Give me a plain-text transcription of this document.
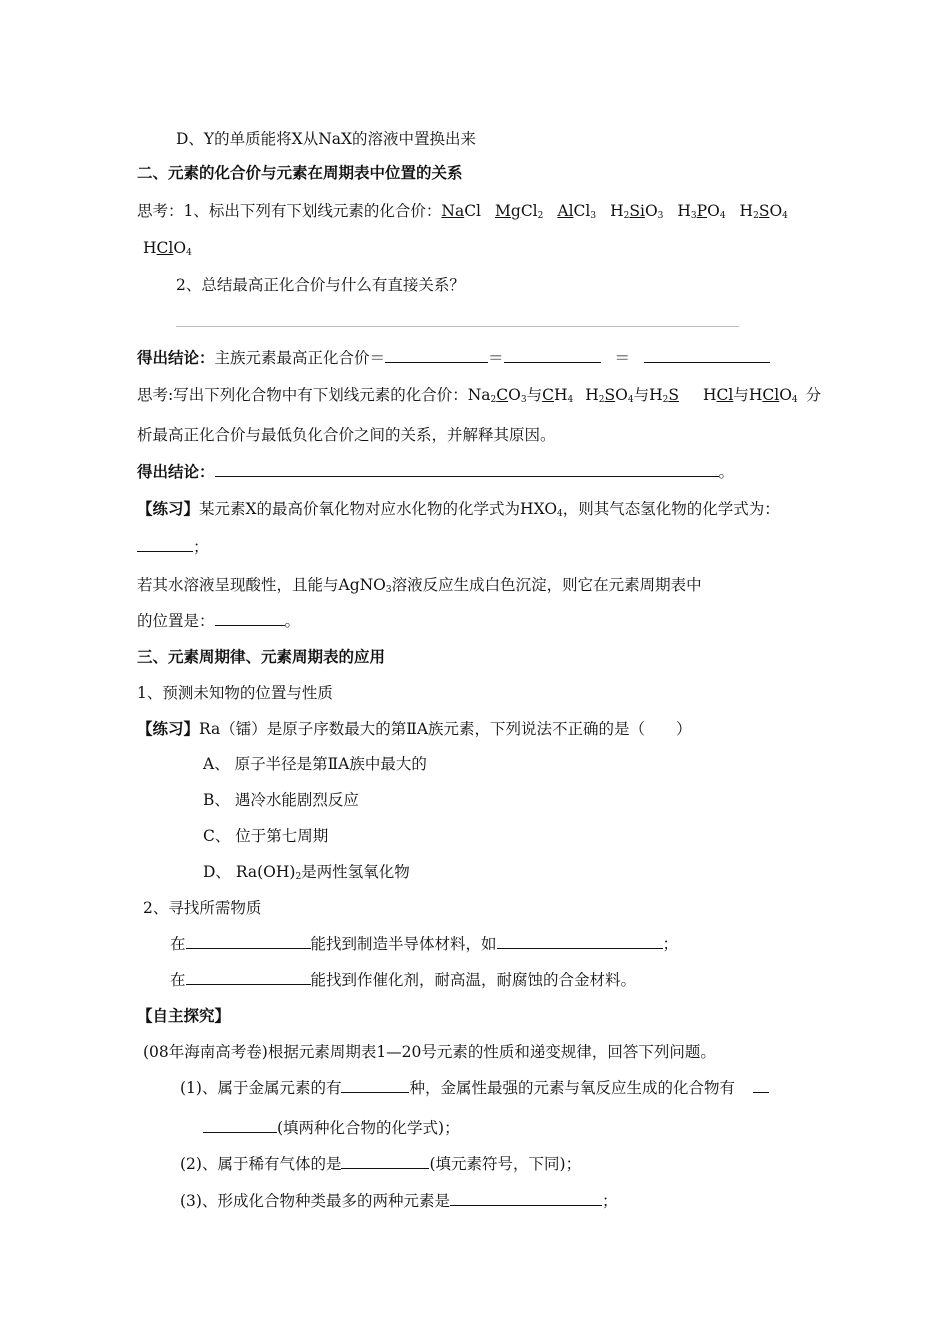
D、Y的单质能将X从NaX的溶液中置换出来
二、元素的化合价与元素在周期表中位置的关系
思考：1、标出下列有下划线元素的化合价：NaCl MgCl$_2$ AlCl$_3$ $H_2SiO_3$ $H_3PO_4$ $H_2SO_4$
HClO$_4$
2、总结最高正化合价与什么有直接关系？
得出结论：主族元素最高正化合价＝	＝	＝
思考:写出下列化合物中有下划线元素的化合价：$Na_2CO_3$与$CH_4$ $H_2SO_4$与$H_2S$ HCl与HClO$_4$ 分
析最高正化合价与最低负化合价之间的关系，并解释其原因。
得出结论：	。
【练习】某元素X的最高价氧化物对应水化物的化学式为$HXO_4$，则其气态氢化物的化学式为：
；
若其水溶液呈现酸性，且能与AgNO$_3$溶液反应生成白色沉淀，则它在元素周期表中
的位置是：	。
三、元素周期律、元素周期表的应用
1、预测未知物的位置与性质
【练习】Ra（镭）是原子序数最大的第ⅡA族元素，下列说法不正确的是（　　）
A、 原子半径是第ⅡA族中最大的
B、 遇冷水能剧烈反应
C、 位于第七周期
D、 $Ra(OH)_2$是两性氢氧化物
2、寻找所需物质
在	能找到制造半导体材料，如	；
在	能找到作催化剂，耐高温，耐腐蚀的合金材料。
【自主探究】
(08年海南高考卷)根据元素周期表1—20号元素的性质和递变规律，回答下列问题。
(1)、属于金属元素的有	种，金属性最强的元素与氧反应生成的化合物有
(填两种化合物的化学式)；
(2)、属于稀有气体的是	(填元素符号，下同)；
(3)、形成化合物种类最多的两种元素是	；
